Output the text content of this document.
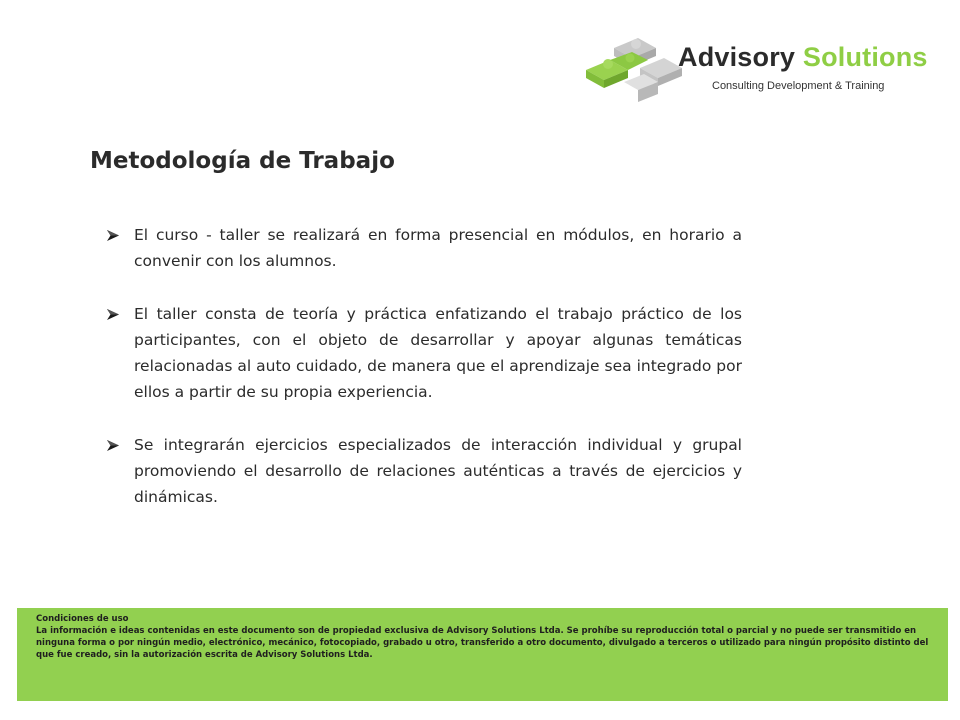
Advisory Solutions
Consulting Development & Training
Metodología de Trabajo
El curso - taller se realizará en forma presencial en módulos, en horario a convenir con los alumnos.
El taller consta de teoría y práctica enfatizando el trabajo práctico de los participantes, con el objeto de desarrollar y apoyar algunas temáticas relacionadas al auto cuidado, de manera que el aprendizaje sea integrado por ellos a partir de su propia experiencia.
Se integrarán ejercicios especializados de interacción individual y grupal promoviendo el desarrollo de relaciones auténticas a través de ejercicios y dinámicas.
Condiciones de uso
La información e ideas contenidas en este documento son de propiedad exclusiva de Advisory Solutions Ltda. Se prohíbe su reproducción total o parcial y no puede ser transmitido en ninguna forma o por ningún medio, electrónico, mecánico, fotocopiado, grabado u otro, transferido a otro documento, divulgado a terceros o utilizado para ningún propósito distinto del que fue creado, sin la autorización escrita de Advisory Solutions Ltda.
